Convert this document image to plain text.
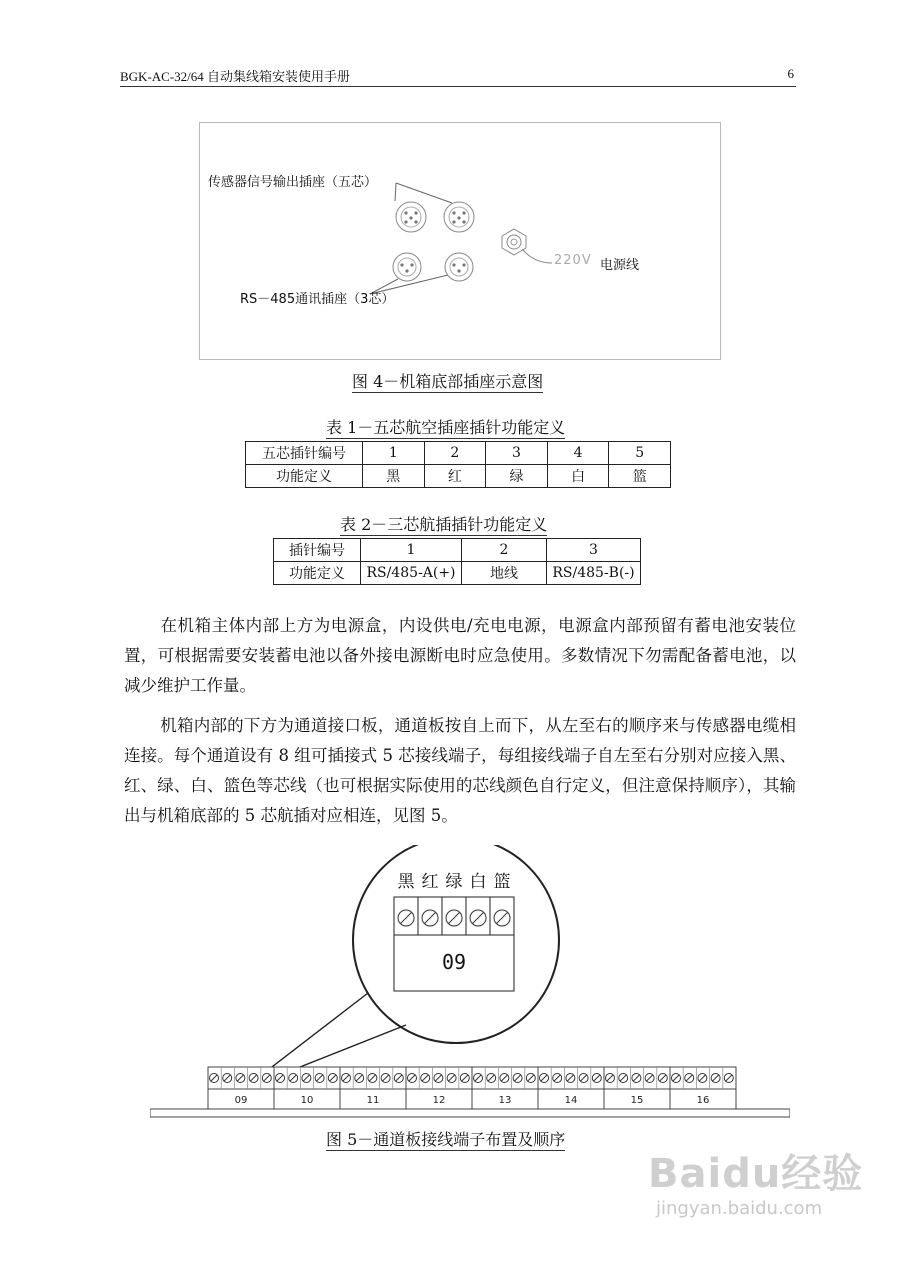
BGK-AC-32/64 自动集线箱安装使用手册	6
传感器信号输出插座（五芯）
220V 电源线
RS－485通讯插座（3芯）
图 4－机箱底部插座示意图
表 1－五芯航空插座插针功能定义
五芯插针编号	1	2	3	4	5
功能定义	黑	红	绿	白	篮
表 2－三芯航插插针功能定义
插针编号	1	2	3
功能定义	RS/485-A(+)	地线	RS/485-B(-)
在机箱主体内部上方为电源盒，内设供电/充电电源，电源盒内部预留有蓄电池安装位置，可根据需要安装蓄电池以备外接电源断电时应急使用。多数情况下勿需配备蓄电池，以减少维护工作量。
机箱内部的下方为通道接口板，通道板按自上而下，从左至右的顺序来与传感器电缆相连接。每个通道设有 8 组可插接式 5 芯接线端子，每组接线端子自左至右分别对应接入黑、红、绿、白、篮色等芯线（也可根据实际使用的芯线颜色自行定义，但注意保持顺序），其输出与机箱底部的 5 芯航插对应相连，见图 5。
黑 红 绿 白 篮
09
09	10	11	12	13	14	15	16
图 5－通道板接线端子布置及顺序
Baidu经验
jingyan.baidu.com
